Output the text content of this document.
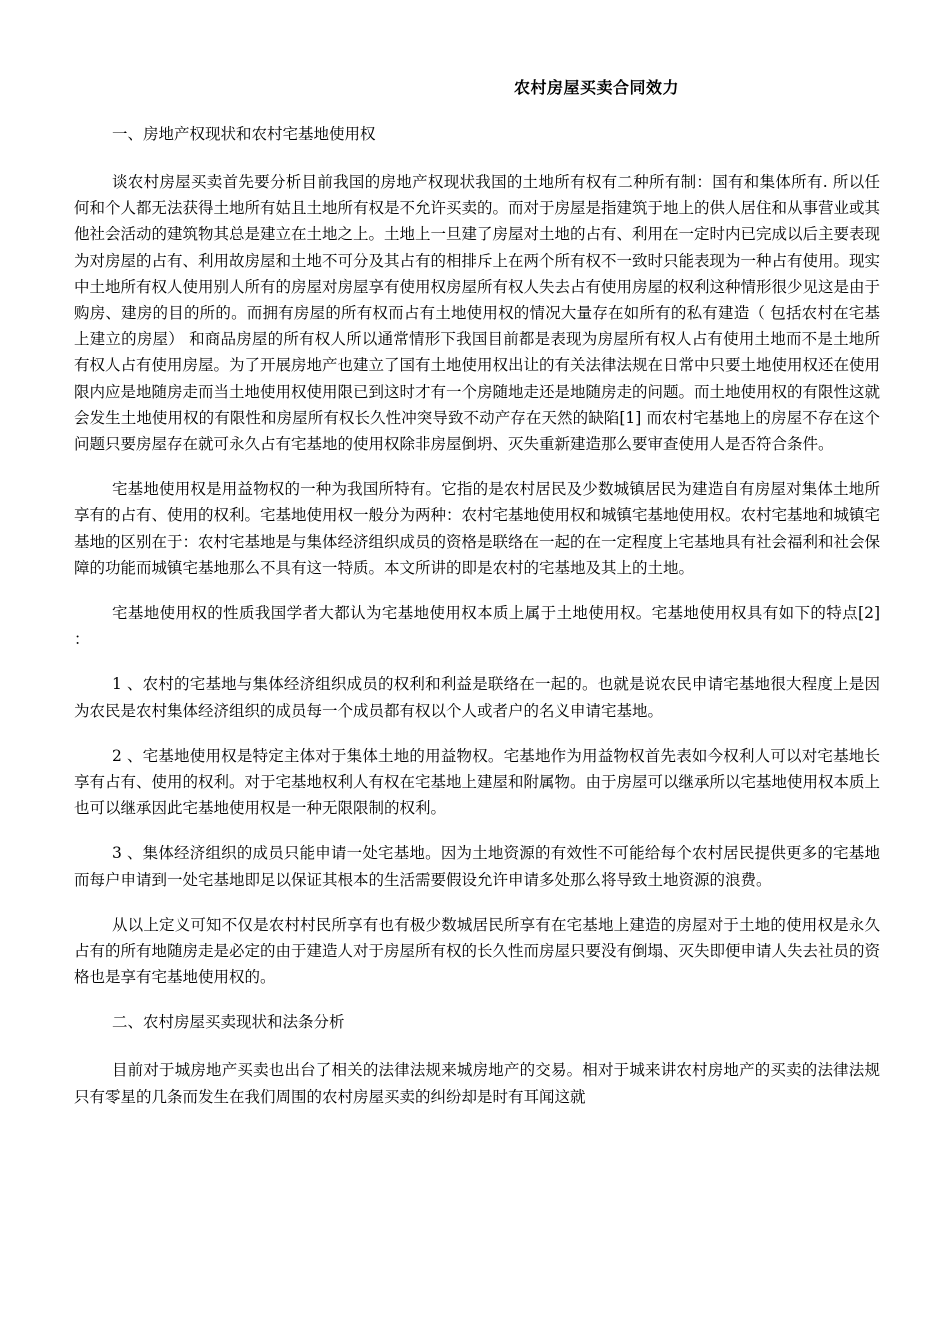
农村房屋买卖合同效力

一、房地产权现状和农村宅基地使用权

谈农村房屋买卖首先要分析目前我国的房地产权现状我国的土地所有权有二种所有制：国有和集体所有. 所以任何和个人都无法获得土地所有姑且土地所有权是不允许买卖的。而对于房屋是指建筑于地上的供人居住和从事营业或其他社会活动的建筑物其总是建立在土地之上。土地上一旦建了房屋对土地的占有、利用在一定时内已完成以后主要表现为对房屋的占有、利用故房屋和土地不可分及其占有的相排斥上在两个所有权不一致时只能表现为一种占有使用。现实中土地所有权人使用别人所有的房屋对房屋享有使用权房屋所有权人失去占有使用房屋的权利这种情形很少见这是由于购房、建房的目的所的。而拥有房屋的所有权而占有土地使用权的情况大量存在如所有的私有建造（ 包括农村在宅基上建立的房屋） 和商品房屋的所有权人所以通常情形下我国目前都是表现为房屋所有权人占有使用土地而不是土地所有权人占有使用房屋。为了开展房地产也建立了国有土地使用权出让的有关法律法规在日常中只要土地使用权还在使用限内应是地随房走而当土地使用权使用限已到这时才有一个房随地走还是地随房走的问题。而土地使用权的有限性这就会发生土地使用权的有限性和房屋所有权长久性冲突导致不动产存在天然的缺陷[1] 而农村宅基地上的房屋不存在这个问题只要房屋存在就可永久占有宅基地的使用权除非房屋倒坍、灭失重新建造那么要审查使用人是否符合条件。

宅基地使用权是用益物权的一种为我国所特有。它指的是农村居民及少数城镇居民为建造自有房屋对集体土地所享有的占有、使用的权利。宅基地使用权一般分为两种：农村宅基地使用权和城镇宅基地使用权。农村宅基地和城镇宅基地的区别在于：农村宅基地是与集体经济组织成员的资格是联络在一起的在一定程度上宅基地具有社会福利和社会保障的功能而城镇宅基地那么不具有这一特质。本文所讲的即是农村的宅基地及其上的土地。

宅基地使用权的性质我国学者大都认为宅基地使用权本质上属于土地使用权。宅基地使用权具有如下的特点[2] ：

1 、农村的宅基地与集体经济组织成员的权利和利益是联络在一起的。也就是说农民申请宅基地很大程度上是因为农民是农村集体经济组织的成员每一个成员都有权以个人或者户的名义申请宅基地。

2 、宅基地使用权是特定主体对于集体土地的用益物权。宅基地作为用益物权首先表如今权利人可以对宅基地长享有占有、使用的权利。对于宅基地权利人有权在宅基地上建屋和附属物。由于房屋可以继承所以宅基地使用权本质上也可以继承因此宅基地使用权是一种无限限制的权利。

3 、集体经济组织的成员只能申请一处宅基地。因为土地资源的有效性不可能给每个农村居民提供更多的宅基地而每户申请到一处宅基地即足以保证其根本的生活需要假设允许申请多处那么将导致土地资源的浪费。

从以上定义可知不仅是农村村民所享有也有极少数城居民所享有在宅基地上建造的房屋对于土地的使用权是永久占有的所有地随房走是必定的由于建造人对于房屋所有权的长久性而房屋只要没有倒塌、灭失即便申请人失去社员的资格也是享有宅基地使用权的。

二、农村房屋买卖现状和法条分析

目前对于城房地产买卖也出台了相关的法律法规来城房地产的交易。相对于城来讲农村房地产的买卖的法律法规只有零星的几条而发生在我们周围的农村房屋买卖的纠纷却是时有耳闻这就
